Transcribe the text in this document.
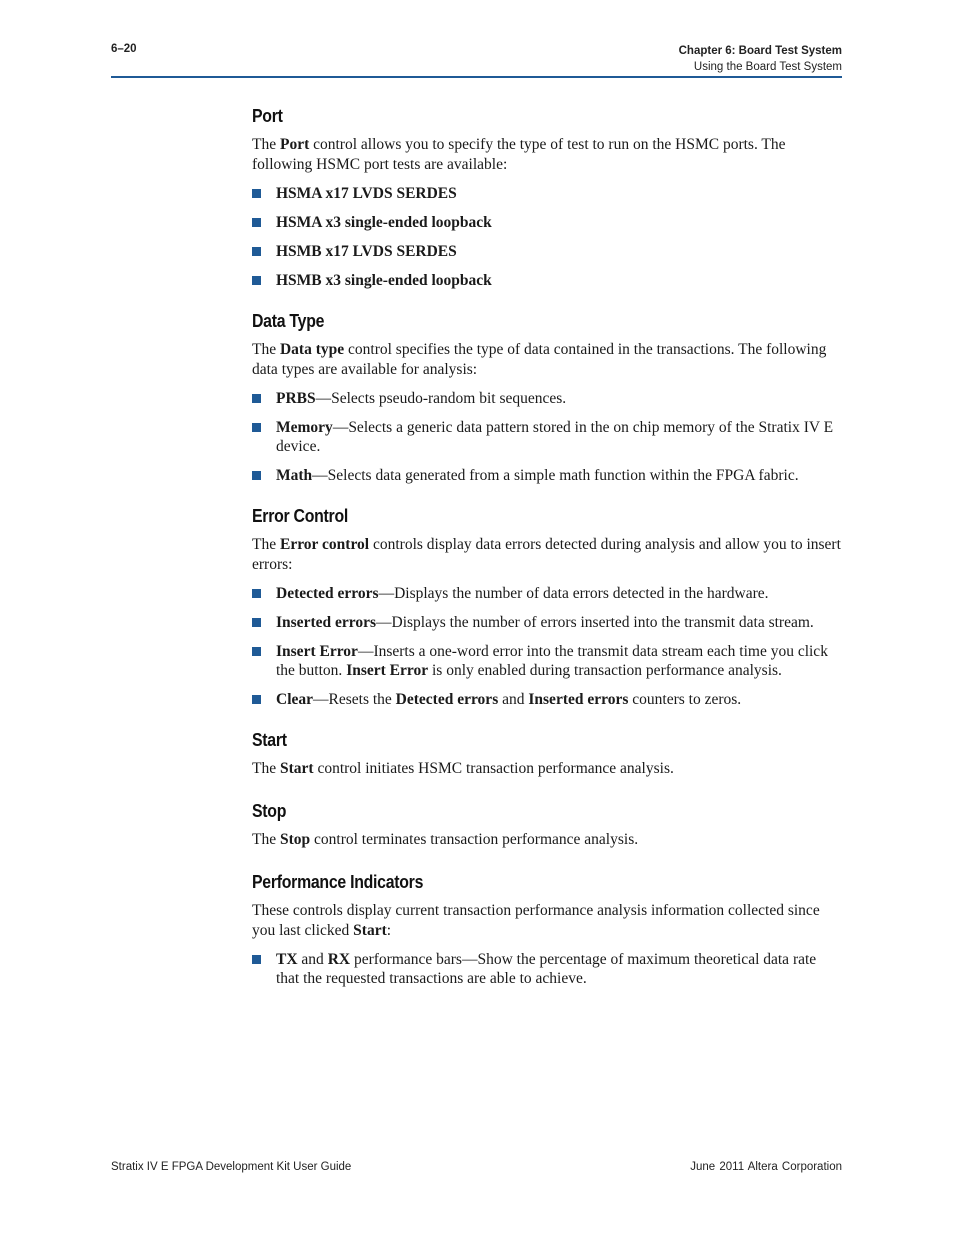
6–20	Chapter 6: Board Test System
Using the Board Test System
Port

The Port control allows you to specify the type of test to run on the HSMC ports. The following HSMC port tests are available:

HSMA x17 LVDS SERDES
HSMA x3 single-ended loopback
HSMB x17 LVDS SERDES
HSMB x3 single-ended loopback
Data Type

The Data type control specifies the type of data contained in the transactions. The following data types are available for analysis:

PRBS—Selects pseudo-random bit sequences.
Memory—Selects a generic data pattern stored in the on chip memory of the Stratix IV E device.
Math—Selects data generated from a simple math function within the FPGA fabric.
Error Control

The Error control controls display data errors detected during analysis and allow you to insert errors:

Detected errors—Displays the number of data errors detected in the hardware.
Inserted errors—Displays the number of errors inserted into the transmit data stream.
Insert Error—Inserts a one-word error into the transmit data stream each time you click the button. Insert Error is only enabled during transaction performance analysis.
Clear—Resets the Detected errors and Inserted errors counters to zeros.
Start

The Start control initiates HSMC transaction performance analysis.

Stop

The Stop control terminates transaction performance analysis.

Performance Indicators

These controls display current transaction performance analysis information collected since you last clicked Start:

TX and RX performance bars—Show the percentage of maximum theoretical data rate that the requested transactions are able to achieve.
Stratix IV E FPGA Development Kit User Guide	June 2011 Altera Corporation
